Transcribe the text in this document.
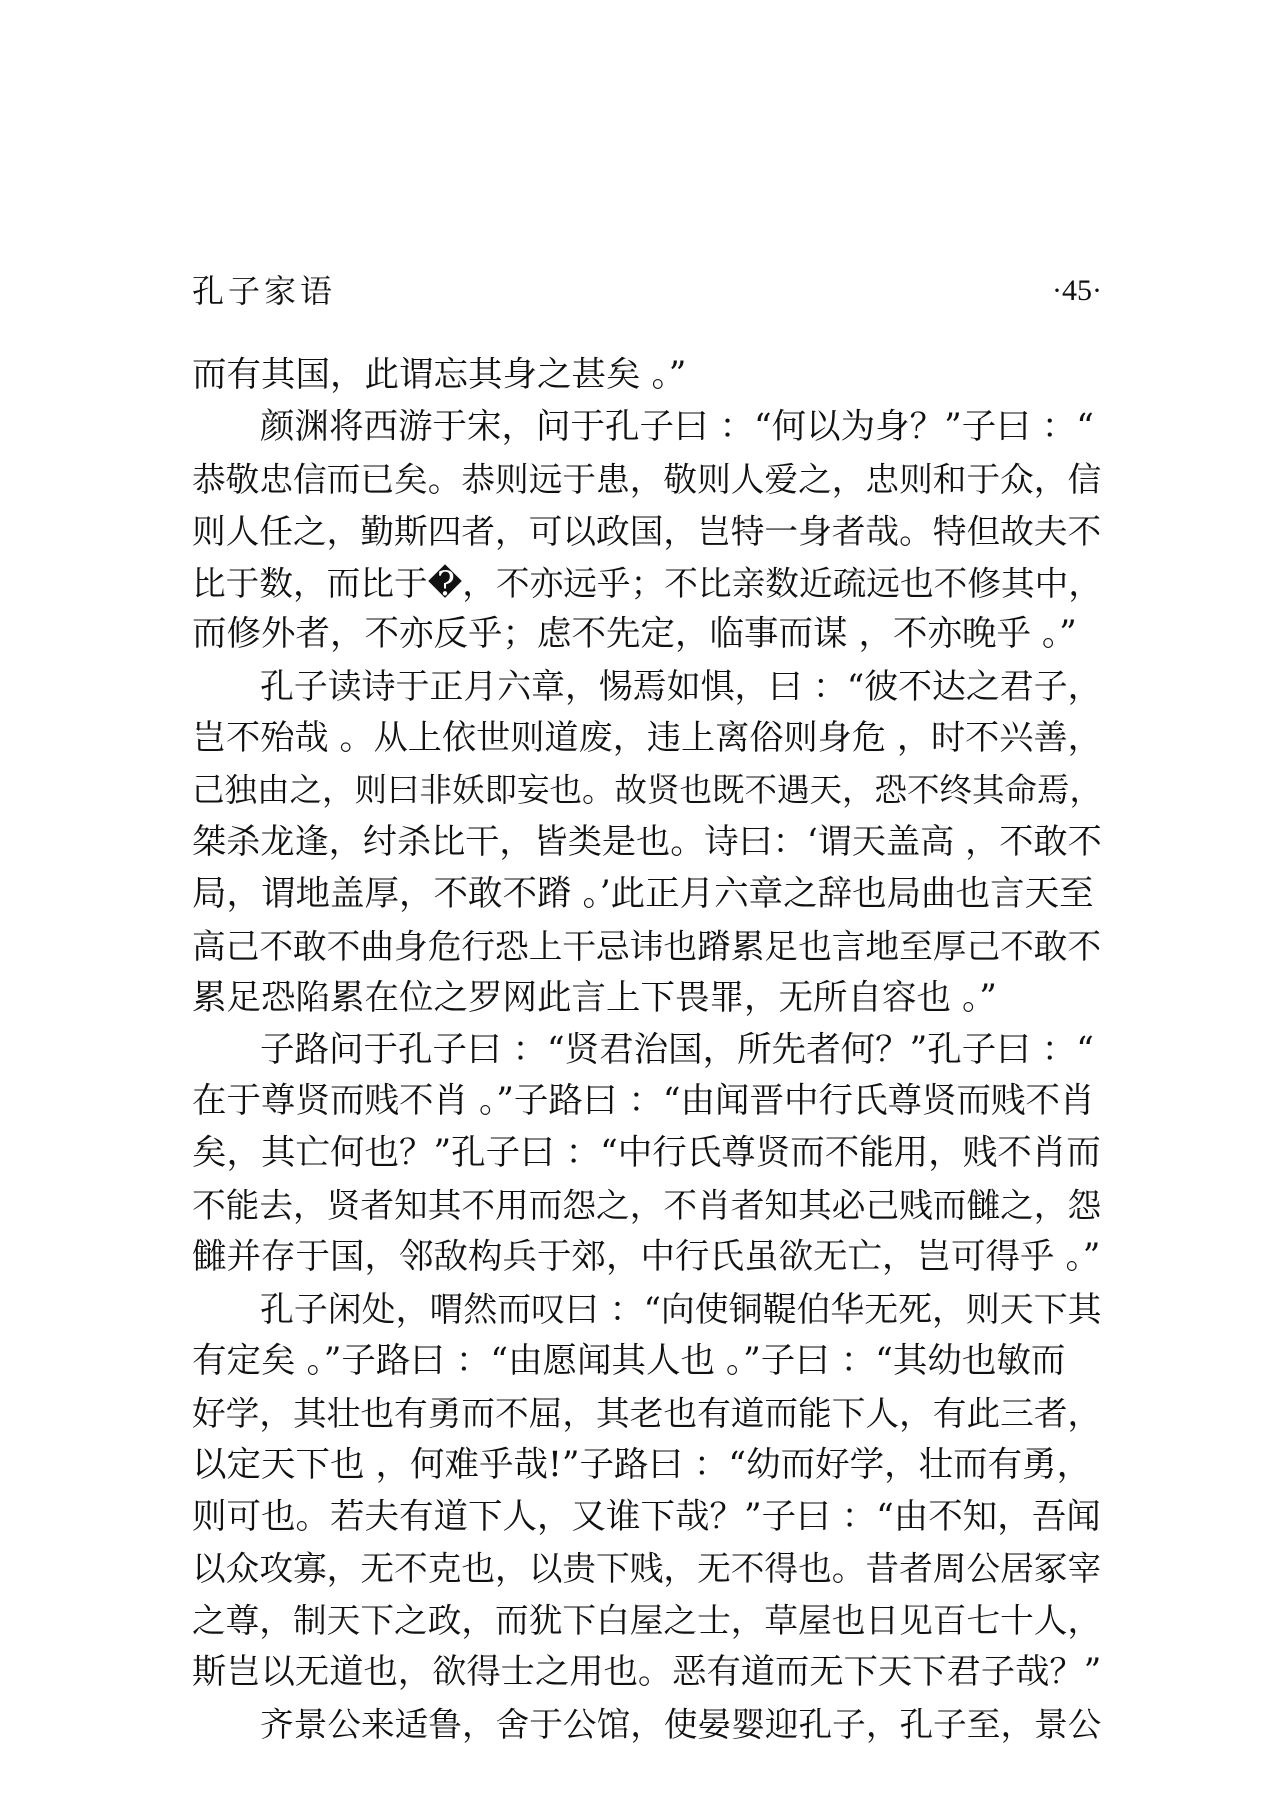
孔子家语	·45·
而有其国，此谓忘其身之甚矣 。”
颜渊将西游于宋，问于孔子曰 ：“何以为身？”子曰 ：“
恭敬忠信而已矣。恭则远于患，敬则人爱之，忠则和于众，信
则人任之，勤斯四者，可以政国，岂特一身者哉。特但故夫不
比于数，而比于�，不亦远乎；不比亲数近疏远也不修其中，
而修外者，不亦反乎；虑不先定，临事而谋 ，不亦晚乎 。”
孔子读诗于正月六章，惕焉如惧，曰 ：“彼不达之君子，
岂不殆哉 。从上依世则道废，违上离俗则身危 ，时不兴善，
己独由之，则曰非妖即妄也。故贤也既不遇天，恐不终其命焉，
桀杀龙逢，纣杀比干，皆类是也。诗曰：‘谓天盖高 ，不敢不
局，谓地盖厚，不敢不蹐 。’此正月六章之辞也局曲也言天至
高己不敢不曲身危行恐上干忌讳也蹐累足也言地至厚己不敢不
累足恐陷累在位之罗网此言上下畏罪，无所自容也 。”
子路问于孔子曰 ：“贤君治国，所先者何？”孔子曰 ：“
在于尊贤而贱不肖 。”子路曰 ：“由闻晋中行氏尊贤而贱不肖
矣，其亡何也？”孔子曰 ：“中行氏尊贤而不能用，贱不肖而
不能去，贤者知其不用而怨之，不肖者知其必己贱而雠之，怨
雠并存于国，邻敌构兵于郊，中行氏虽欲无亡，岂可得乎 。”
孔子闲处，喟然而叹曰 ：“向使铜鞮伯华无死，则天下其
有定矣 。”子路曰 ：“由愿闻其人也 。”子曰 ：“其幼也敏而
好学，其壮也有勇而不屈，其老也有道而能下人，有此三者，
以定天下也 ，何难乎哉!”子路曰 ：“幼而好学，壮而有勇，
则可也。若夫有道下人，又谁下哉？”子曰 ：“由不知，吾闻
以众攻寡，无不克也，以贵下贱，无不得也。昔者周公居冢宰
之尊，制天下之政，而犹下白屋之士，草屋也日见百七十人，
斯岂以无道也，欲得士之用也。恶有道而无下天下君子哉？”
齐景公来适鲁，舍于公馆，使晏婴迎孔子，孔子至，景公
